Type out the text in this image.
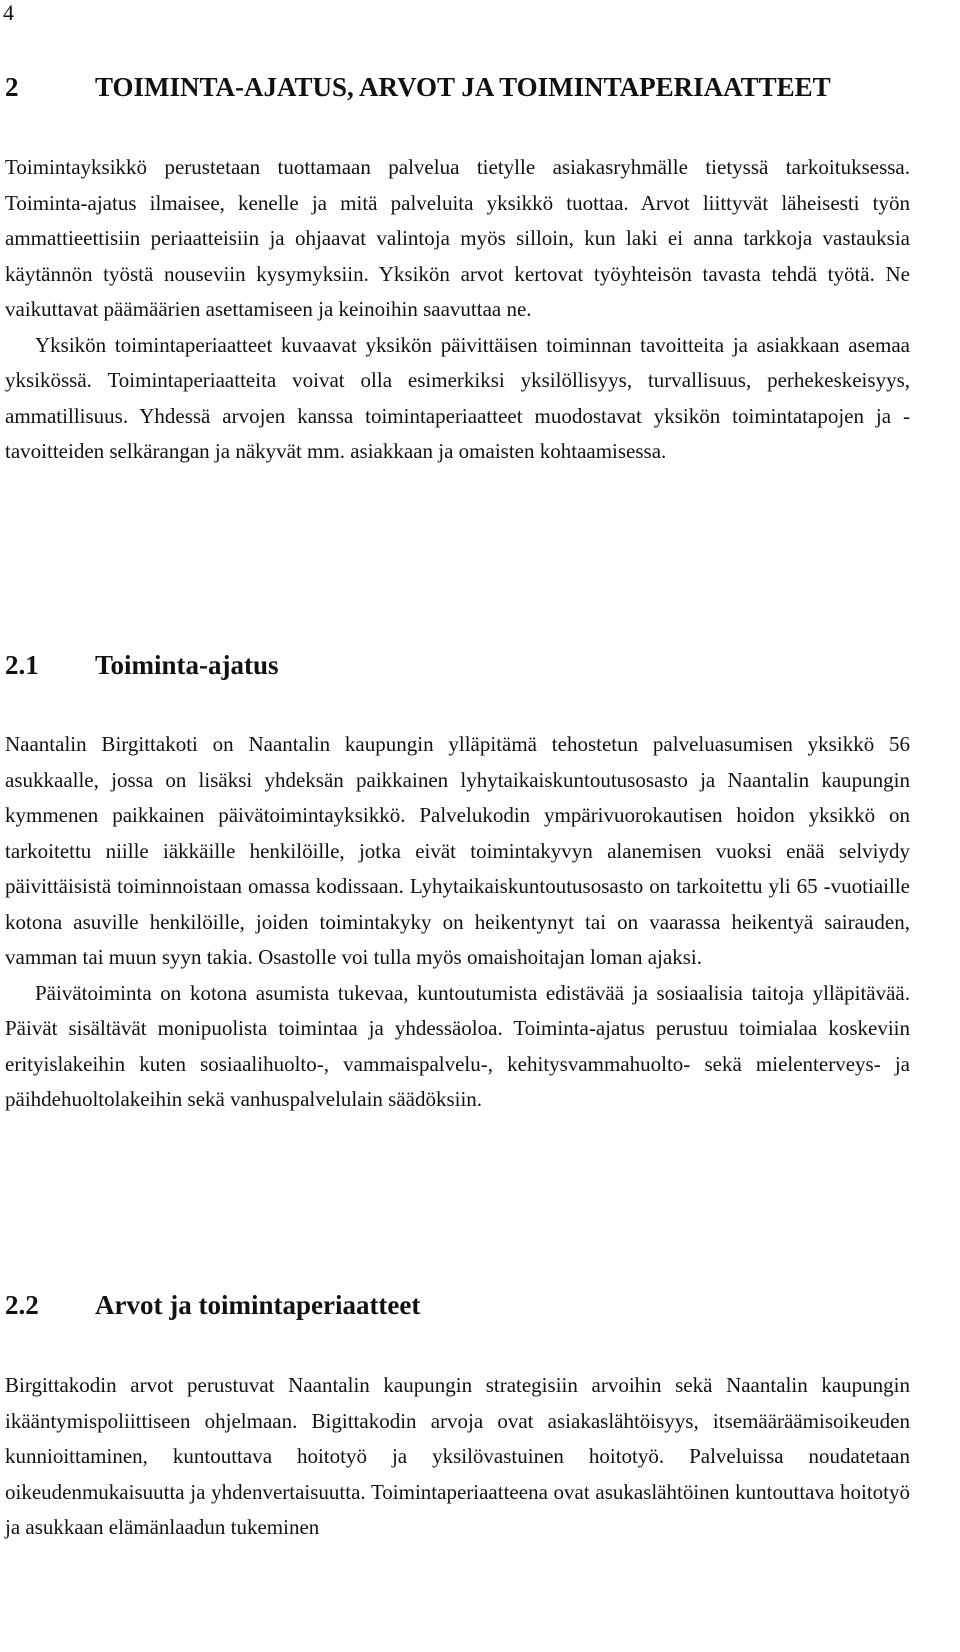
4
2	TOIMINTA-AJATUS, ARVOT JA TOIMINTAPERIAATTEET

Toimintayksikkö perustetaan tuottamaan palvelua tietylle asiakasryhmälle tietyssä tarkoituksessa. Toiminta-ajatus ilmaisee, kenelle ja mitä palveluita yksikkö tuottaa. Arvot liittyvät läheisesti työn ammattieettisiin periaatteisiin ja ohjaavat valintoja myös silloin, kun laki ei anna tarkkoja vastauksia käytännön työstä nouseviin kysymyksiin. Yksikön arvot kertovat työyhteisön tavasta tehdä työtä. Ne vaikuttavat päämäärien asettamiseen ja keinoihin saavuttaa ne.

Yksikön toimintaperiaatteet kuvaavat yksikön päivittäisen toiminnan tavoitteita ja asiakkaan asemaa yksikössä. Toimintaperiaatteita voivat olla esimerkiksi yksilöllisyys, turvallisuus, perhekeskeisyys, ammatillisuus. Yhdessä arvojen kanssa toimintaperiaatteet muodostavat yksikön toimintatapojen ja -tavoitteiden selkärangan ja näkyvät mm. asiakkaan ja omaisten kohtaamisessa.

2.1	Toiminta-ajatus

Naantalin Birgittakoti on Naantalin kaupungin ylläpitämä tehostetun palveluasumisen yksikkö 56 asukkaalle, jossa on lisäksi yhdeksän paikkainen lyhytaikaiskuntoutusosasto ja Naantalin kaupungin kymmenen paikkainen päivätoimintayksikkö. Palvelukodin ympärivuorokautisen hoidon yksikkö on tarkoitettu niille iäkkäille henkilöille, jotka eivät toimintakyvyn alanemisen vuoksi enää selviydy päivittäisistä toiminnoistaan omassa kodissaan. Lyhytaikaiskuntoutusosasto on tarkoitettu yli 65 -vuotiaille kotona asuville henkilöille, joiden toimintakyky on heikentynyt tai on vaarassa heikentyä sairauden, vamman tai muun syyn takia. Osastolle voi tulla myös omaishoitajan loman ajaksi.

Päivätoiminta on kotona asumista tukevaa, kuntoutumista edistävää ja sosiaalisia taitoja ylläpitävää. Päivät sisältävät monipuolista toimintaa ja yhdessäoloa. Toiminta-ajatus perustuu toimialaa koskeviin erityislakeihin kuten sosiaalihuolto-, vammaispalvelu-, kehitysvammahuolto- sekä mielenterveys- ja päihdehuoltolakeihin sekä vanhuspalvelulain säädöksiin.

2.2	Arvot ja toimintaperiaatteet

Birgittakodin arvot perustuvat Naantalin kaupungin strategisiin arvoihin sekä Naantalin kaupungin ikääntymispoliittiseen ohjelmaan. Bigittakodin arvoja ovat asiakaslähtöisyys, itsemääräämisoikeuden kunnioittaminen, kuntouttava hoitotyö ja yksilövastuinen hoitotyö. Palveluissa noudatetaan oikeudenmukaisuutta ja yhdenvertaisuutta. Toimintaperiaatteena ovat asukaslähtöinen kuntouttava hoitotyö ja asukkaan elämänlaadun tukeminen
